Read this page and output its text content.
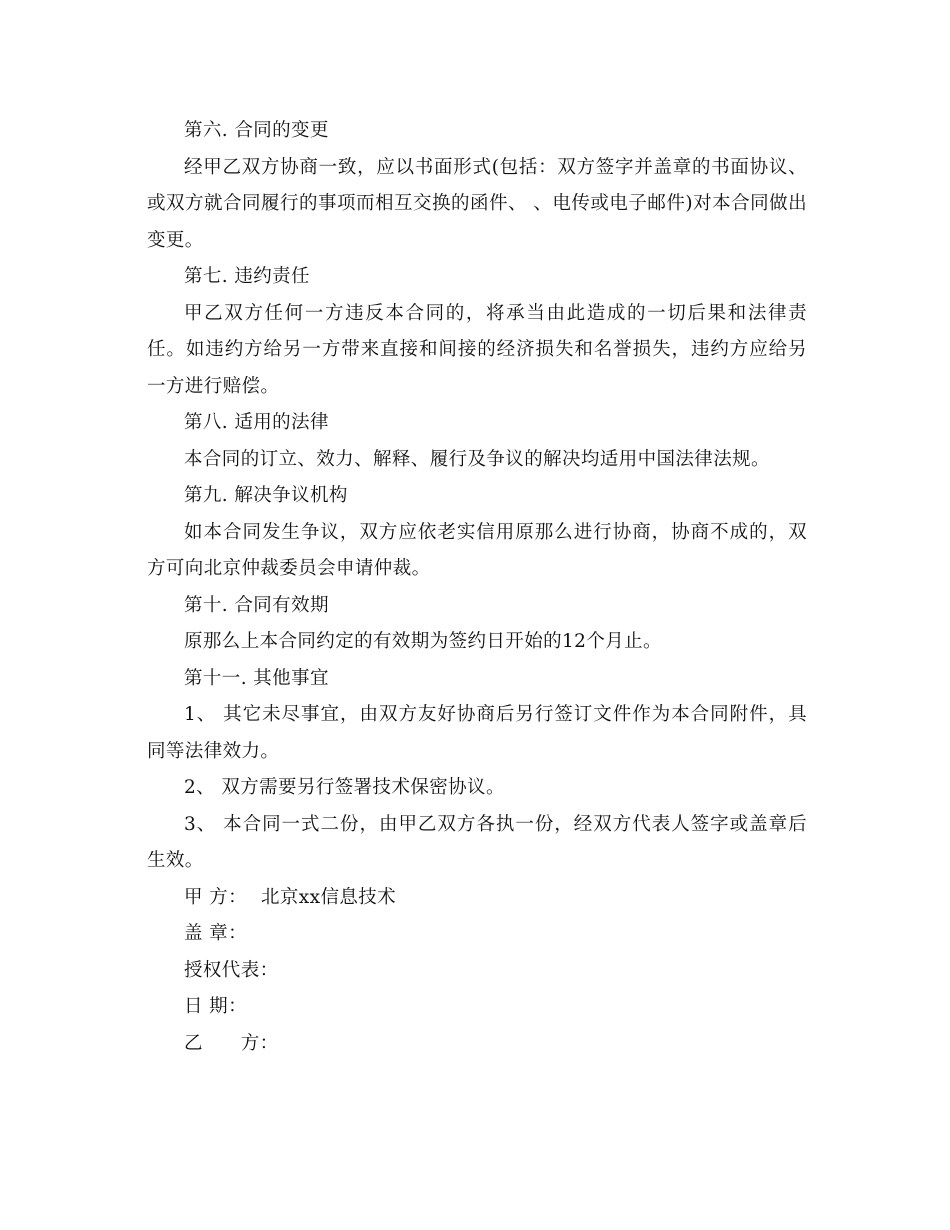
第六. 合同的变更

经甲乙双方协商一致，应以书面形式(包括：双方签字并盖章的书面协议、或双方就合同履行的事项而相互交换的函件、 、电传或电子邮件)对本合同做出变更。

第七. 违约责任

甲乙双方任何一方违反本合同的，将承当由此造成的一切后果和法律责任。如违约方给另一方带来直接和间接的经济损失和名誉损失，违约方应给另一方进行赔偿。

第八. 适用的法律

本合同的订立、效力、解释、履行及争议的解决均适用中国法律法规。

第九. 解决争议机构

如本合同发生争议，双方应依老实信用原那么进行协商，协商不成的，双方可向北京仲裁委员会申请仲裁。

第十. 合同有效期

原那么上本合同约定的有效期为签约日开始的12个月止。

第十一. 其他事宜

1、 其它未尽事宜，由双方友好协商后另行签订文件作为本合同附件，具同等法律效力。

2、 双方需要另行签署技术保密协议。

3、 本合同一式二份，由甲乙双方各执一份，经双方代表人签字或盖章后生效。

甲 方： 北京xx信息技术
盖 章：
授权代表：
日 期：
乙　　方：
